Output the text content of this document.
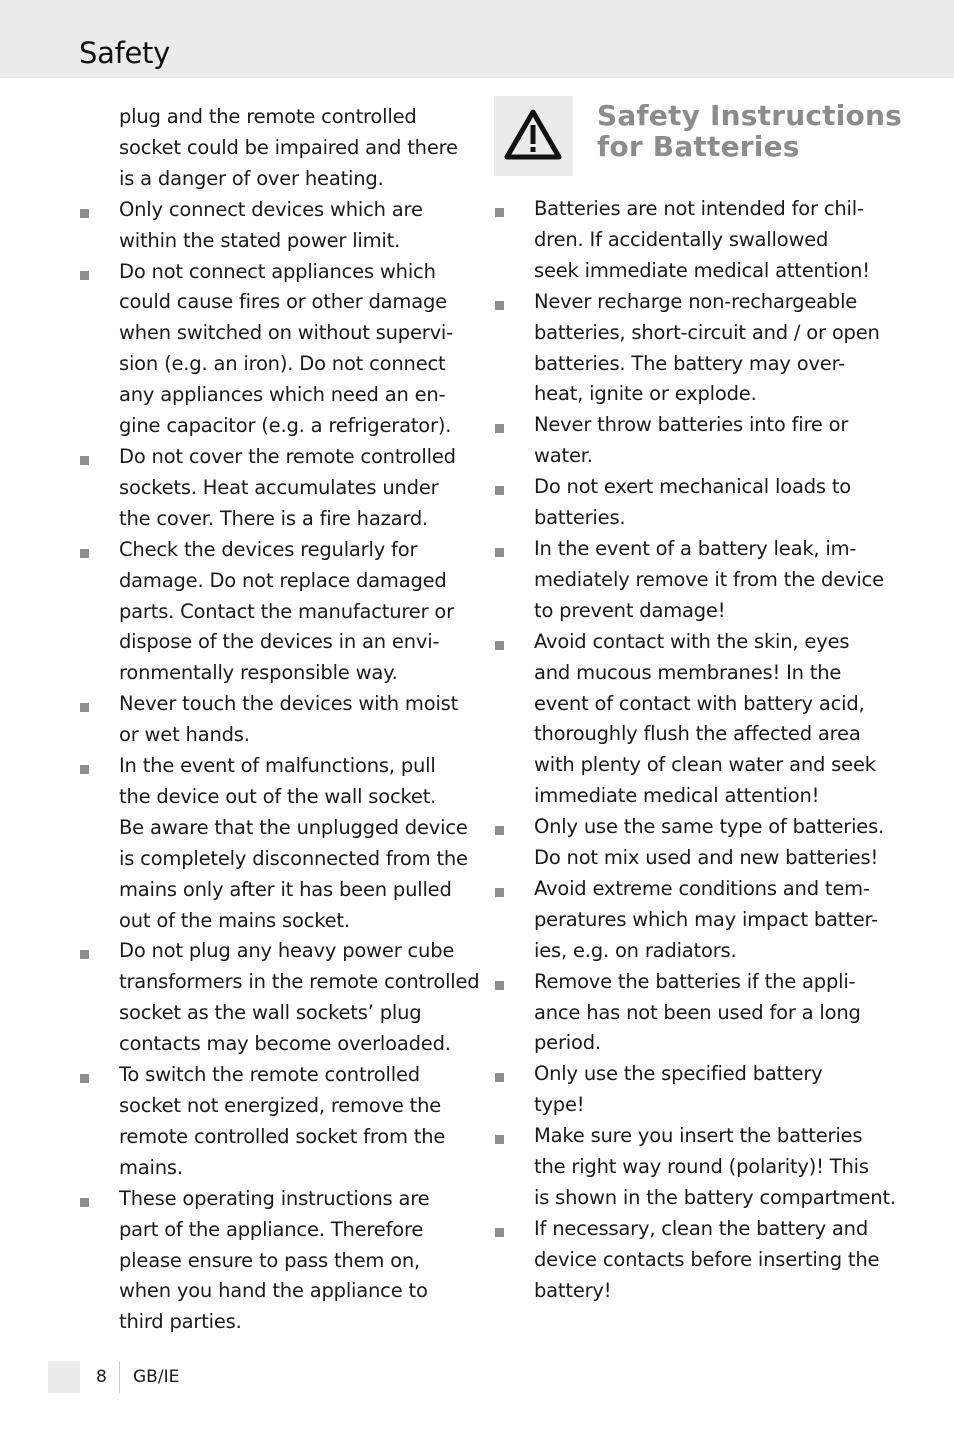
Safety
plug and the remote controlled
socket could be impaired and there
is a danger of over heating.
Only connect devices which are
within the stated power limit.
Do not connect appliances which
could cause fires or other damage
when switched on without supervi-
sion (e.g. an iron). Do not connect
any appliances which need an en-
gine capacitor (e.g. a refrigerator).
Do not cover the remote controlled
sockets. Heat accumulates under
the cover. There is a fire hazard.
Check the devices regularly for
damage. Do not replace damaged
parts. Contact the manufacturer or
dispose of the devices in an envi-
ronmentally responsible way.
Never touch the devices with moist
or wet hands.
In the event of malfunctions, pull
the device out of the wall socket.
Be aware that the unplugged device
is completely disconnected from the
mains only after it has been pulled
out of the mains socket.
Do not plug any heavy power cube
transformers in the remote controlled
socket as the wall sockets’ plug
contacts may become overloaded.
To switch the remote controlled
socket not energized, remove the
remote controlled socket from the
mains.
These operating instructions are
part of the appliance. Therefore
please ensure to pass them on,
when you hand the appliance to
third parties.
Safety Instructions
for Batteries
Batteries are not intended for chil-
dren. If accidentally swallowed
seek immediate medical attention!
Never recharge non-rechargeable
batteries, short-circuit and / or open
batteries. The battery may over-
heat, ignite or explode.
Never throw batteries into fire or
water.
Do not exert mechanical loads to
batteries.
In the event of a battery leak, im-
mediately remove it from the device
to prevent damage!
Avoid contact with the skin, eyes
and mucous membranes! In the
event of contact with battery acid,
thoroughly flush the affected area
with plenty of clean water and seek
immediate medical attention!
Only use the same type of batteries.
Do not mix used and new batteries!
Avoid extreme conditions and tem-
peratures which may impact batter-
ies, e.g. on radiators.
Remove the batteries if the appli-
ance has not been used for a long
period.
Only use the specified battery
type!
Make sure you insert the batteries
the right way round (polarity)! This
is shown in the battery compartment.
If necessary, clean the battery and
device contacts before inserting the
battery!
8 GB/IE
